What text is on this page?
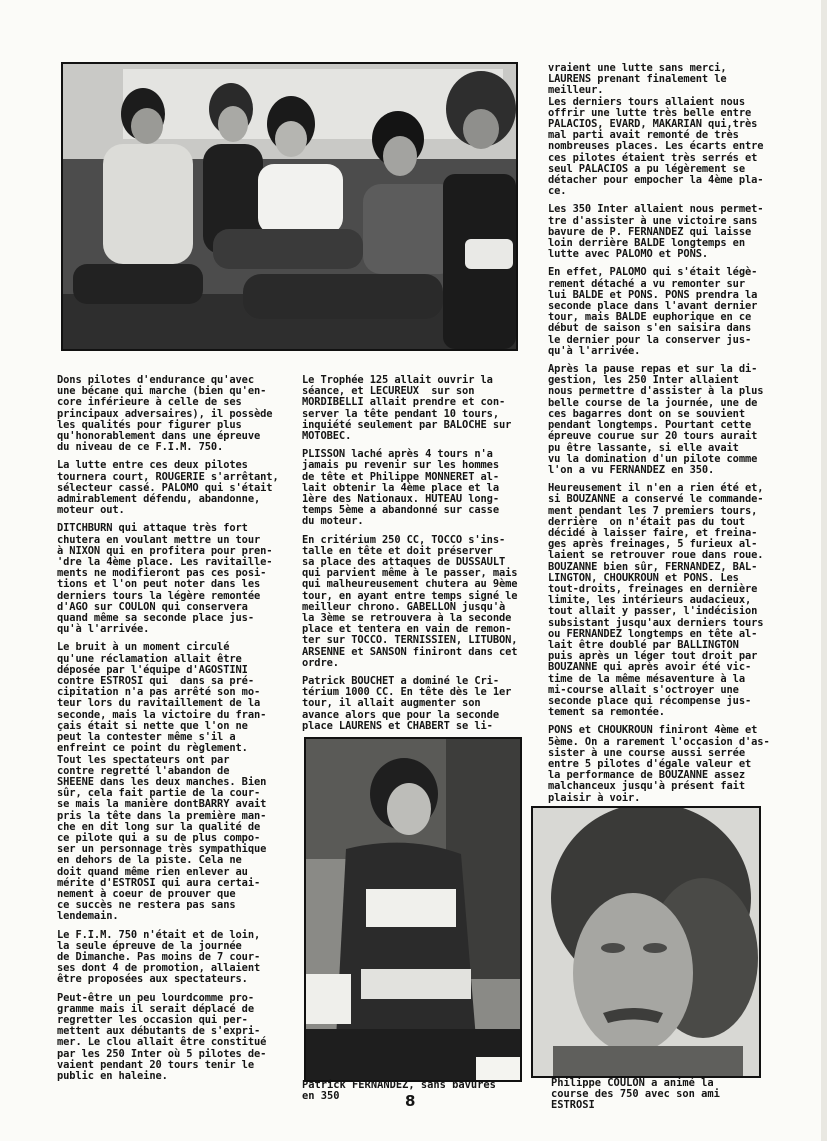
Dons pilotes d'endurance qu'avec
une bécane qui marche (bien qu'en-
core inférieure à celle de ses
principaux adversaires), il possède
les qualités pour figurer plus
qu'honorablement dans une épreuve
du niveau de ce F.I.M. 750.

La lutte entre ces deux pilotes
tournera court, ROUGERIE s'arrêtant,
sélecteur cassé. PALOMO qui s'était
admirablement défendu, abandonne,
moteur out.

DITCHBURN qui attaque très fort
chutera en voulant mettre un tour
à NIXON qui en profitera pour pren-
'dre la 4ème place. Les ravitaille-
ments ne modifieront pas ces posi-
tions et l'on peut noter dans les
derniers tours la légère remontée
d'AGO sur COULON qui conservera
quand même sa seconde place jus-
qu'à l'arrivée.

Le bruit à un moment circulé
qu'une réclamation allait être
déposée par l'équipe d'AGOSTINI
contre ESTROSI qui  dans sa pré-
cipitation n'a pas arrêté son mo-
teur lors du ravitaillement de la
seconde, mais la victoire du fran-
çais était si nette que l'on ne
peut la contester même s'il a
enfreint ce point du règlement.
Tout les spectateurs ont par
contre regretté l'abandon de
SHEENE dans les deux manches. Bien
sûr, cela fait partie de la cour-
se mais la manière dontBARRY avait
pris la tête dans la première man-
che en dit long sur la qualité de
ce pilote qui a su de plus compo-
ser un personnage très sympathique
en dehors de la piste. Cela ne
doit quand même rien enlever au
mérite d'ESTROSI qui aura certai-
nement à coeur de prouver que
ce succès ne restera pas sans
lendemain.

Le F.I.M. 750 n'était et de loin,
la seule épreuve de la journée
de Dimanche. Pas moins de 7 cour-
ses dont 4 de promotion, allaient
être proposées aux spectateurs.

Peut-être un peu lourdcomme pro-
gramme mais il serait déplacé de
regretter les occasion qui per-
mettent aux débutants de s'expri-
mer. Le clou allait être constitué
par les 250 Inter où 5 pilotes de-
vaient pendant 20 tours tenir le
public en haleine.

Le Trophée 125 allait ouvrir la
séance, et LECUREUX  sur son
MORDIBELLI allait prendre et con-
server la tête pendant 10 tours,
inquiété seulement par BALOCHE sur
MOTOBEC.

PLISSON laché après 4 tours n'a
jamais pu revenir sur les hommes
de tête et Philippe MONNERET al-
lait obtenir la 4ème place et la
1ère des Nationaux. HUTEAU long-
temps 5ème a abandonné sur casse
du moteur.

En critérium 250 CC, TOCCO s'ins-
talle en tête et doit préserver
sa place des attaques de DUSSAULT
qui parvient même à le passer, mais
qui malheureusement chutera au 9ème
tour, en ayant entre temps signé le
meilleur chrono. GABELLON jusqu'à
la 3ème se retrouvera à la seconde
place et tentera en vain de remon-
ter sur TOCCO. TERNISSIEN, LITUBON,
ARSENNE et SANSON finiront dans cet
ordre.

Patrick BOUCHET a dominé le Cri-
térium 1000 CC. En tête dès le 1er
tour, il allait augmenter son
avance alors que pour la seconde
place LAURENS et CHABERT se li-

vraient une lutte sans merci,
LAURENS prenant finalement le meilleur.
Les derniers tours allaient nous
offrir une lutte très belle entre
PALACIOS, EVARD, MAKARIAN qui,très
mal parti avait remonté de très
nombreuses places. Les écarts entre
ces pilotes étaient très serrés et
seul PALACIOS a pu légèrement se
détacher pour empocher la 4ème pla-
ce.

Les 350 Inter allaient nous permet-
tre d'assister à une victoire sans
bavure de P. FERNANDEZ qui laisse
loin derrière BALDE longtemps en
lutte avec PALOMO et PONS.

En effet, PALOMO qui s'était légè-
rement détaché a vu remonter sur
lui BALDE et PONS. PONS prendra la
seconde place dans l'avant dernier
tour, mais BALDE euphorique en ce
début de saison s'en saisira dans
le dernier pour la conserver jus-
qu'à l'arrivée.

Après la pause repas et sur la di-
gestion, les 250 Inter allaient
nous permettre d'assister à la plus
belle course de la journée, une de
ces bagarres dont on se souvient
pendant longtemps. Pourtant cette
épreuve courue sur 20 tours aurait
pu être lassante, si elle avait
vu la domination d'un pilote comme
l'on a vu FERNANDEZ en 350.

Heureusement il n'en a rien été et,
si BOUZANNE a conservé le commande-
ment pendant les 7 premiers tours,
derrière  on n'était pas du tout
décidé à laisser faire, et freina-
ges après freinages, 5 furieux al-
laient se retrouver roue dans roue.
BOUZANNE bien sûr, FERNANDEZ, BAL-
LINGTON, CHOUKROUN et PONS. Les
tout-droits, freinages en dernière
limite, les intérieurs audacieux,
tout allait y passer, l'indécision
subsistant jusqu'aux derniers tours
ou FERNANDEZ longtemps en tête al-
lait être doublé par BALLINGTON
puis après un léger tout droit par
BOUZANNE qui après avoir été vic-
time de la même mésaventure à la
mi-course allait s'octroyer une
seconde place qui récompense jus-
tement sa remontée.

PONS et CHOUKROUN finiront 4ème et
5ème. On a rarement l'occasion d'as-
sister à une course aussi serrée
entre 5 pilotes d'égale valeur et
la performance de BOUZANNE assez
malchanceux jusqu'à présent fait
plaisir à voir.

Patrick FERNANDEZ, sans bavures
en 350
Philippe COULON a animé la
course des 750 avec son ami
ESTROSI
8
